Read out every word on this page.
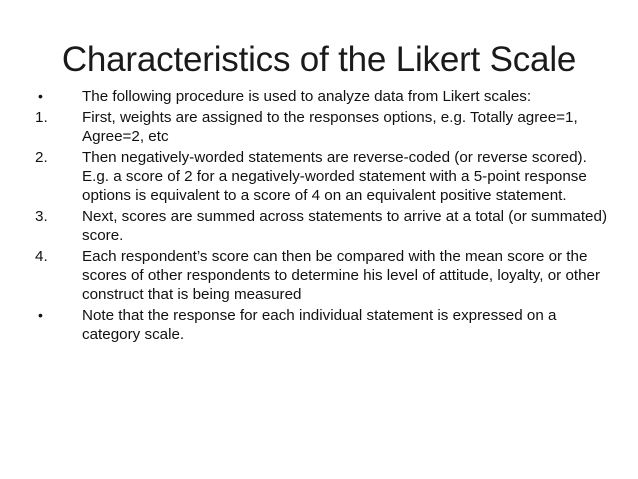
Characteristics of the Likert Scale
•	The following procedure is used to analyze data from Likert scales:
1.	First, weights are assigned to the responses options, e.g. Totally agree=1, Agree=2, etc
2.	Then negatively-worded statements are reverse-coded (or reverse scored). E.g. a score of 2 for a negatively-worded statement with a 5-point response options is equivalent to a score of 4 on an equivalent positive statement.
3.	Next, scores are summed across statements to arrive at a total (or summated) score.
4.	Each respondent’s score can then be compared with the mean score or the scores of other respondents to determine his level of attitude, loyalty, or other construct that is being measured
•	Note that the response for each individual statement is expressed on a category scale.
